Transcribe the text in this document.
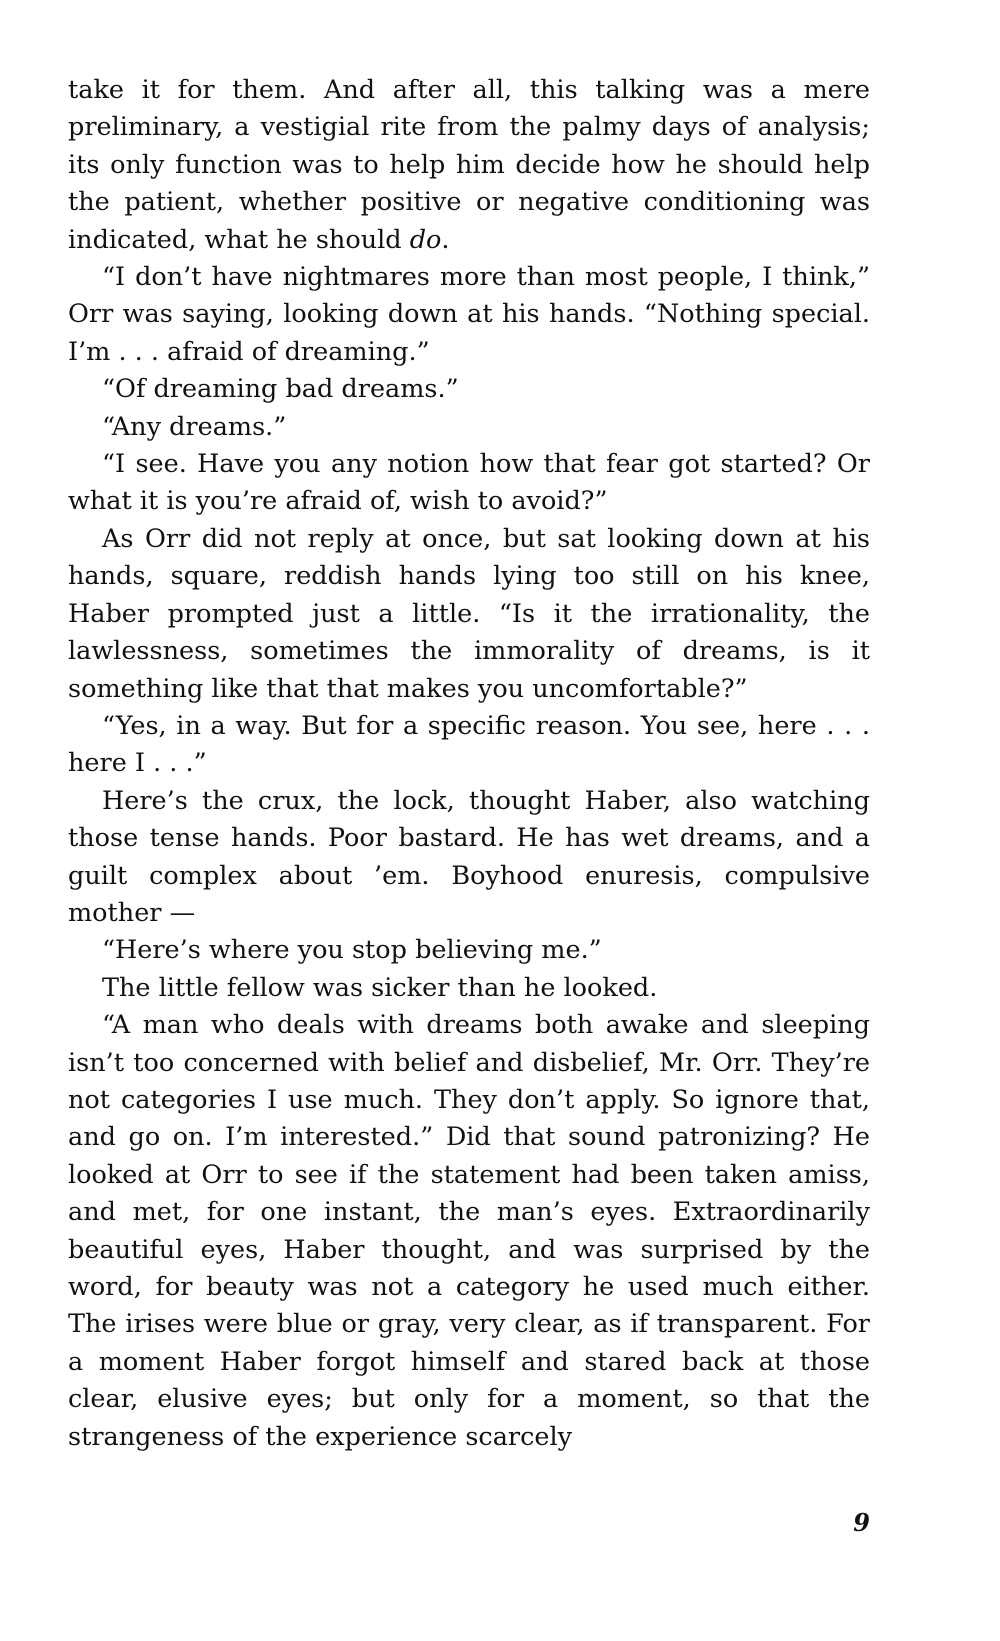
take it for them. And after all, this talking was a mere preliminary, a vestigial rite from the palmy days of analysis; its only function was to help him decide how he should help the patient, whether positive or negative conditioning was indicated, what he should do.

“I don’t have nightmares more than most people, I think,” Orr was saying, looking down at his hands. “Nothing special. I’m . . . afraid of dreaming.”

“Of dreaming bad dreams.”

“Any dreams.”

“I see. Have you any notion how that fear got started? Or what it is you’re afraid of, wish to avoid?”

As Orr did not reply at once, but sat looking down at his hands, square, reddish hands lying too still on his knee, Haber prompted just a little. “Is it the irrationality, the lawlessness, sometimes the immorality of dreams, is it something like that that makes you uncomfortable?”

“Yes, in a way. But for a specific reason. You see, here . . . here I . . .”

Here’s the crux, the lock, thought Haber, also watching those tense hands. Poor bastard. He has wet dreams, and a guilt complex about ’em. Boyhood enuresis, compulsive mother —

“Here’s where you stop believing me.”

The little fellow was sicker than he looked.

“A man who deals with dreams both awake and sleeping isn’t too concerned with belief and disbelief, Mr. Orr. They’re not categories I use much. They don’t apply. So ignore that, and go on. I’m interested.” Did that sound patronizing? He looked at Orr to see if the statement had been taken amiss, and met, for one instant, the man’s eyes. Extraordinarily beautiful eyes, Haber thought, and was surprised by the word, for beauty was not a category he used much either. The irises were blue or gray, very clear, as if transparent. For a moment Haber forgot himself and stared back at those clear, elusive eyes; but only for a moment, so that the strangeness of the experience scarcely

9
